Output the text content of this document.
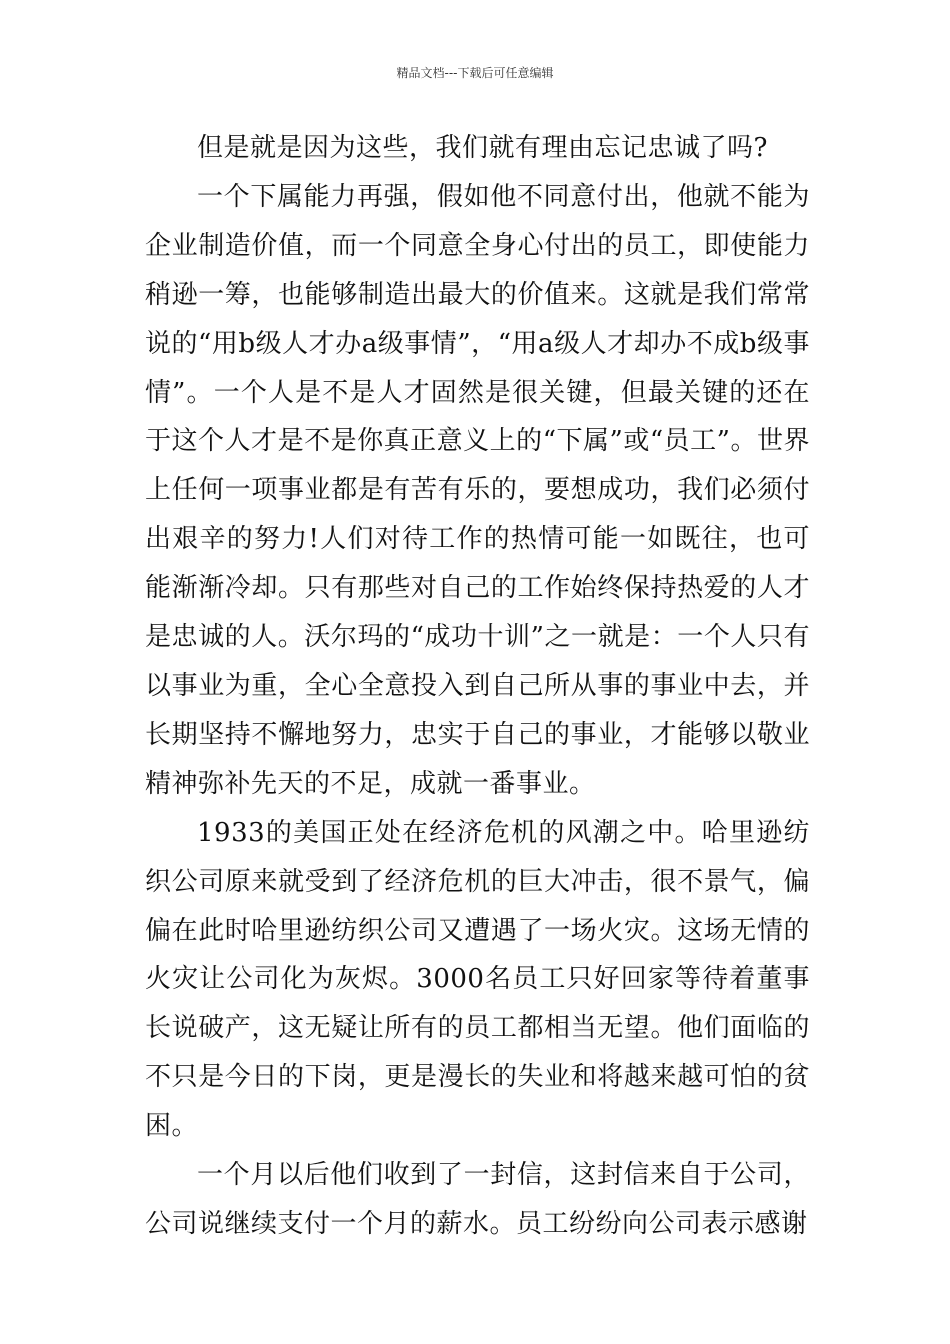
精品文档---下载后可任意编辑

但是就是因为这些，我们就有理由忘记忠诚了吗?

一个下属能力再强，假如他不同意付出，他就不能为企业制造价值，而一个同意全身心付出的员工，即使能力稍逊一筹，也能够制造出最大的价值来。这就是我们常常说的“用b级人才办a级事情”，“用a级人才却办不成b级事情”。一个人是不是人才固然是很关键，但最关键的还在于这个人才是不是你真正意义上的“下属”或“员工”。世界上任何一项事业都是有苦有乐的，要想成功，我们必须付出艰辛的努力!人们对待工作的热情可能一如既往，也可能渐渐冷却。只有那些对自己的工作始终保持热爱的人才是忠诚的人。沃尔玛的“成功十训”之一就是：一个人只有以事业为重，全心全意投入到自己所从事的事业中去，并长期坚持不懈地努力，忠实于自己的事业，才能够以敬业精神弥补先天的不足，成就一番事业。

1933的美国正处在经济危机的风潮之中。哈里逊纺织公司原来就受到了经济危机的巨大冲击，很不景气，偏偏在此时哈里逊纺织公司又遭遇了一场火灾。这场无情的火灾让公司化为灰烬。3000名员工只好回家等待着董事长说破产，这无疑让所有的员工都相当无望。他们面临的不只是今日的下岗，更是漫长的失业和将越来越可怕的贫困。

一个月以后他们收到了一封信，这封信来自于公司，公司说继续支付一个月的薪水。员工纷纷向公司表示感谢
